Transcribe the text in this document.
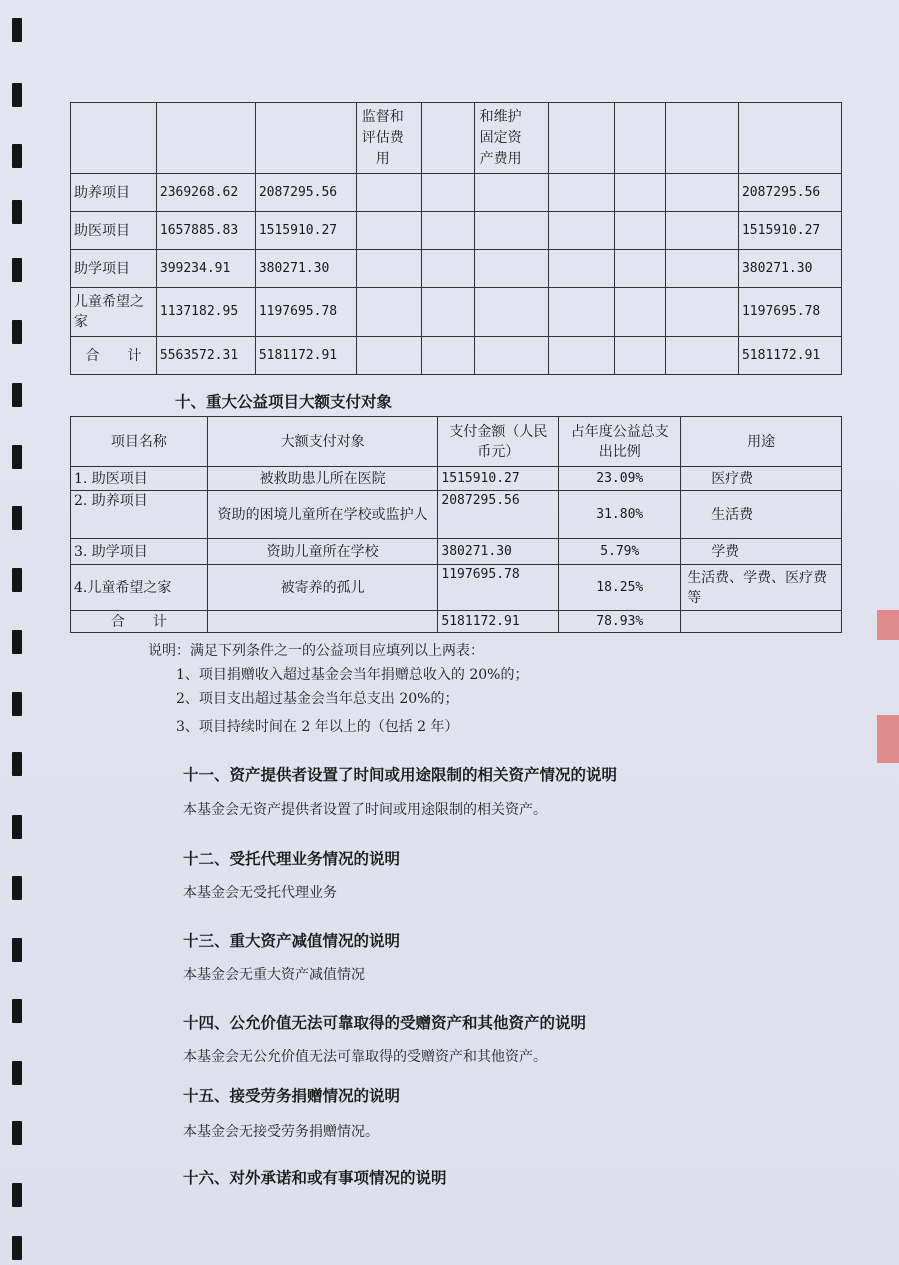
			监督和评估费用		和维护固定资产费用				
助养项目	2369268.62	2087295.56							2087295.56
助医项目	1657885.83	1515910.27							1515910.27
助学项目	399234.91	380271.30							380271.30
儿童希望之家	1137182.95	1197695.78							1197695.78
合　　计	5563572.31	5181172.91							5181172.91
十、重大公益项目大额支付对象
项目名称	大额支付对象	支付金额（人民币元）	占年度公益总支出比例	用途
1. 助医项目	被救助患儿所在医院	1515910.27	23.09%	医疗费
2. 助养项目	资助的困境儿童所在学校或监护人	2087295.56	31.80%	生活费
3. 助学项目	资助儿童所在学校	380271.30	5.79%	学费
4.儿童希望之家	被寄养的孤儿	1197695.78	18.25%	生活费、学费、医疗费等
合　　计		5181172.91	78.93%	
说明：满足下列条件之一的公益项目应填列以上两表：
1、项目捐赠收入超过基金会当年捐赠总收入的 20%的；
2、项目支出超过基金会当年总支出 20%的；
3、项目持续时间在 2 年以上的（包括 2 年）
十一、资产提供者设置了时间或用途限制的相关资产情况的说明
本基金会无资产提供者设置了时间或用途限制的相关资产。
十二、受托代理业务情况的说明
本基金会无受托代理业务
十三、重大资产减值情况的说明
本基金会无重大资产减值情况
十四、公允价值无法可靠取得的受赠资产和其他资产的说明
本基金会无公允价值无法可靠取得的受赠资产和其他资产。
十五、接受劳务捐赠情况的说明
本基金会无接受劳务捐赠情况。
十六、对外承诺和或有事项情况的说明
